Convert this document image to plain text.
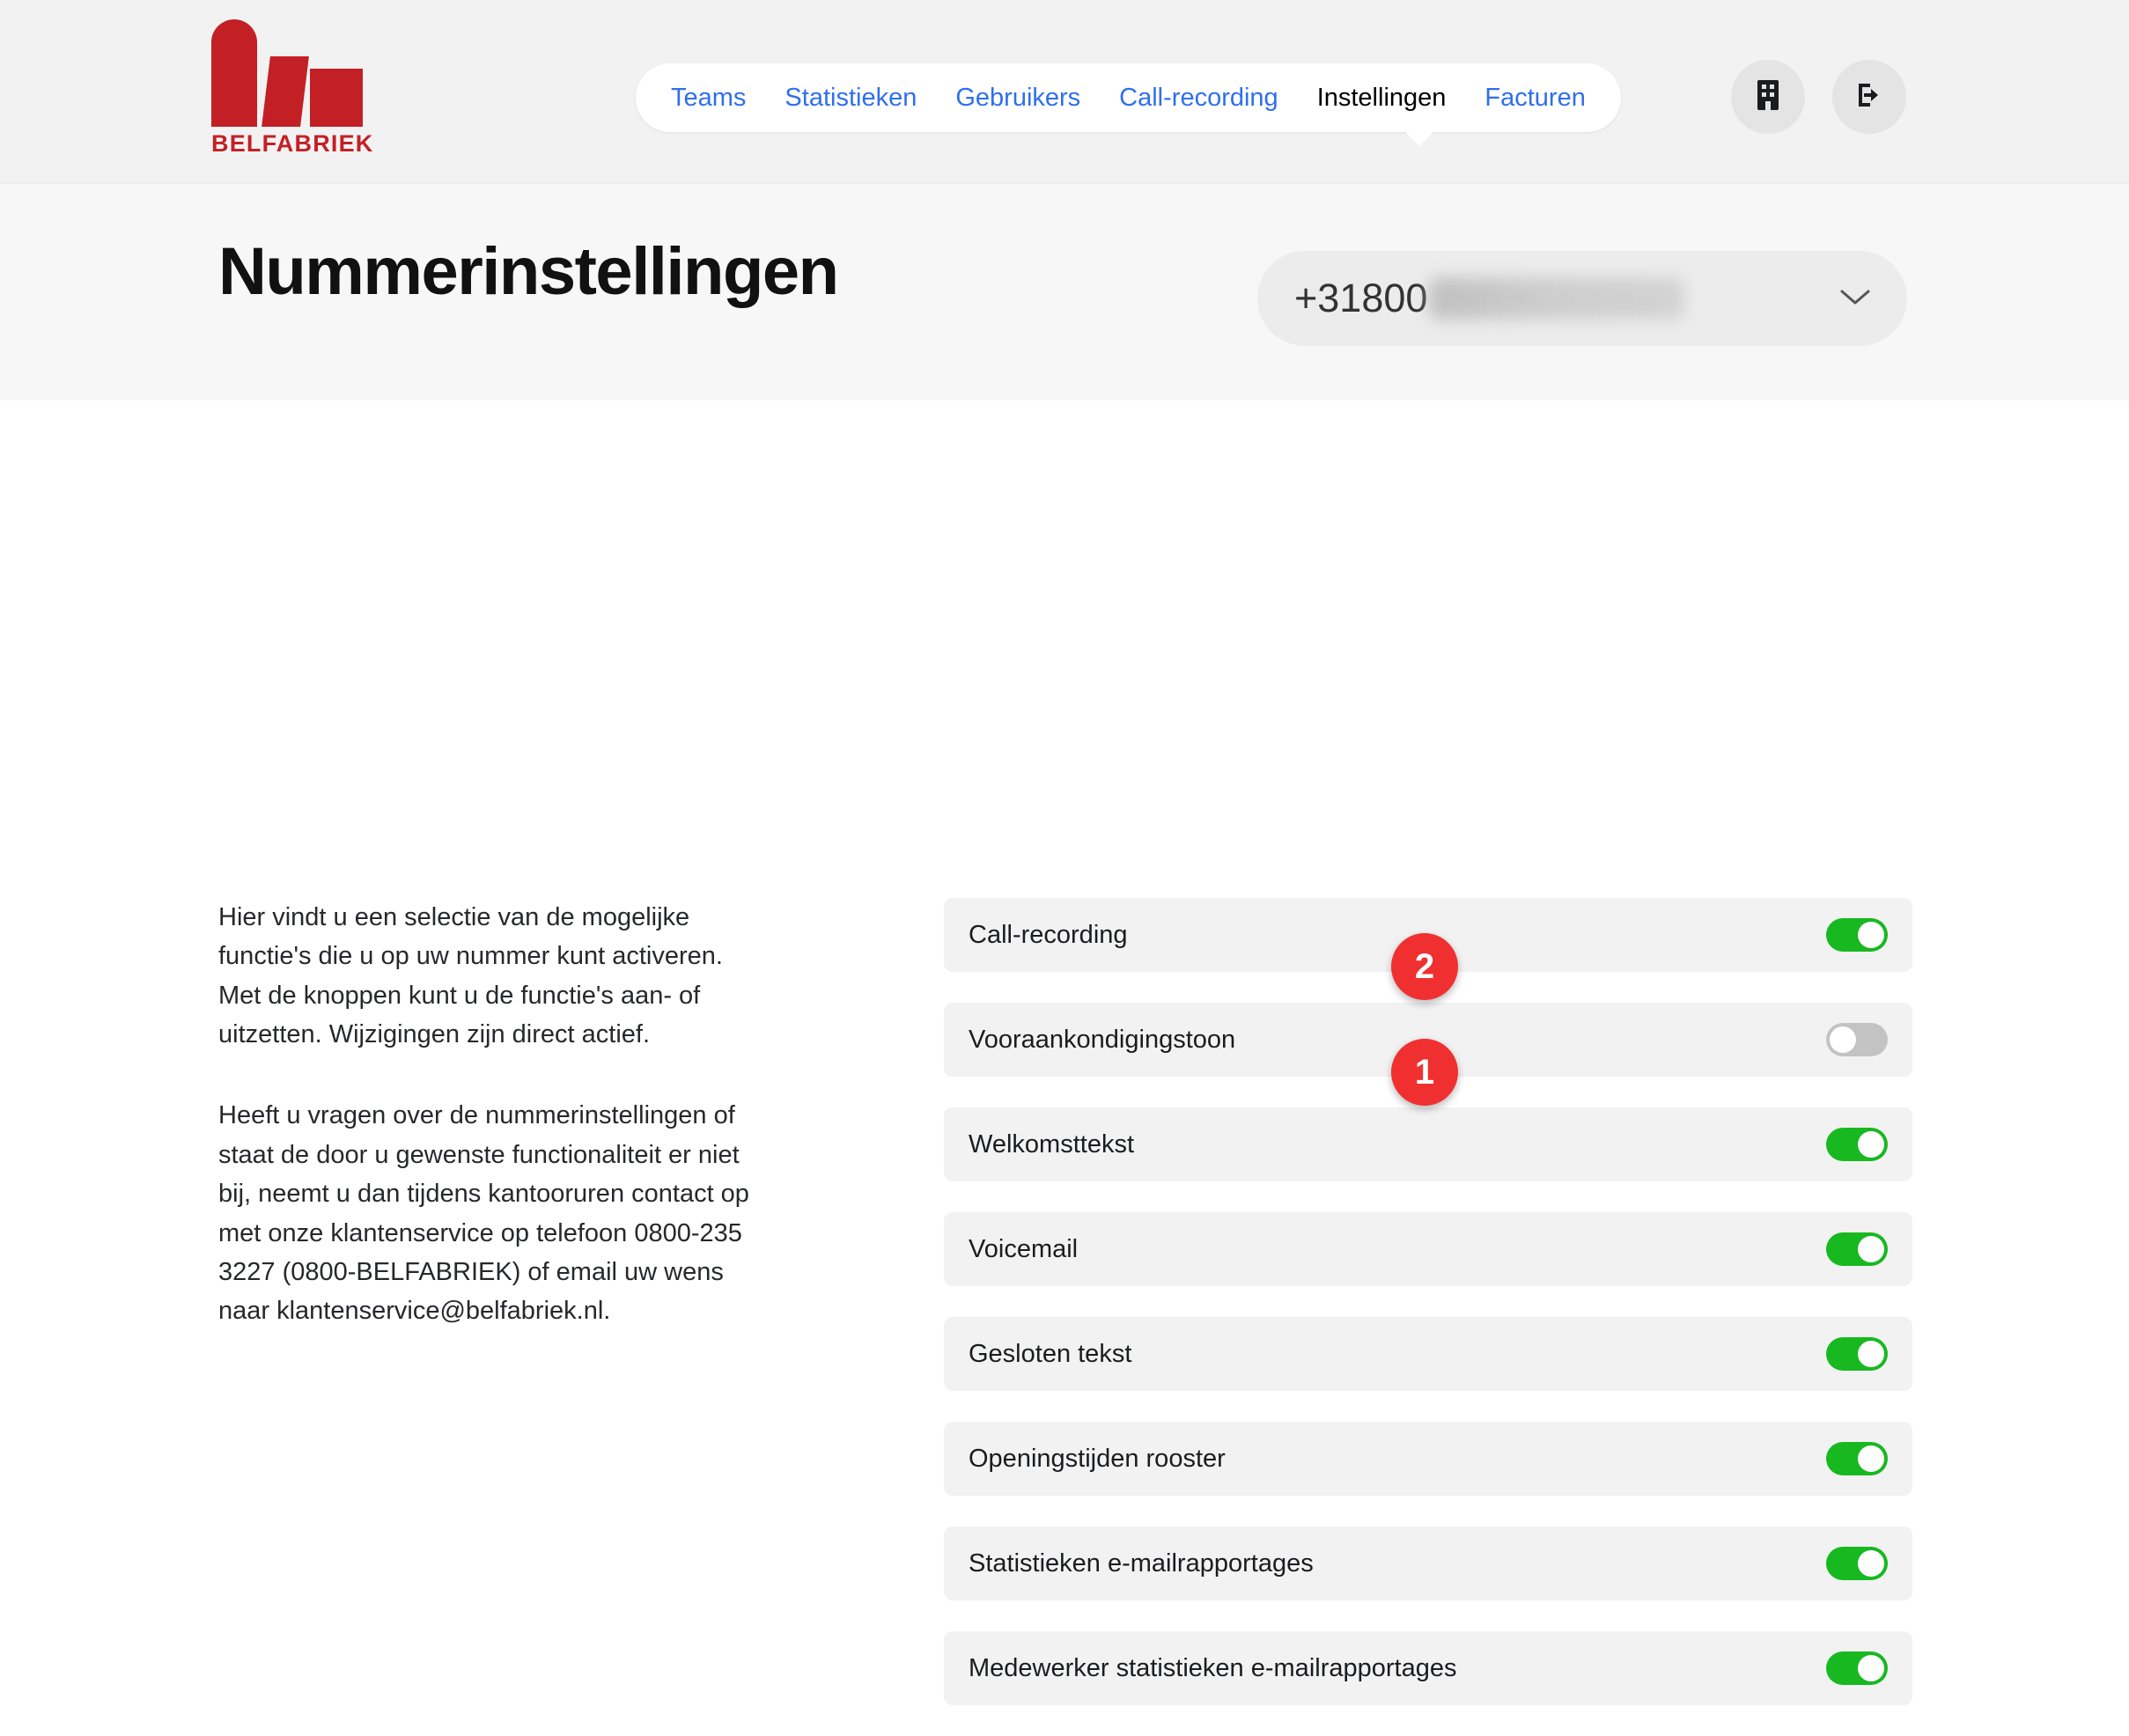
BELFABRIEK
Teams Statistieken Gebruikers Call-recording Instellingen Facturen
Nummerinstellingen	+31800

Hier vindt u een selectie van de mogelijke functie's die u op uw nummer kunt activeren. Met de knoppen kunt u de functie's aan- of uitzetten. Wijzigingen zijn direct actief.

Heeft u vragen over de nummerinstellingen of staat de door u gewenste functionaliteit er niet bij, neemt u dan tijdens kantooruren contact op met onze klantenservice op telefoon 0800-235 3227 (0800-BELFABRIEK) of email uw wens naar klantenservice@belfabriek.nl.

Call-recording
Vooraankondigingstoon
Welkomsttekst
Voicemail
Gesloten tekst
Openingstijden rooster
Statistieken e-mailrapportages
Medewerker statistieken e-mailrapportages
2
1
